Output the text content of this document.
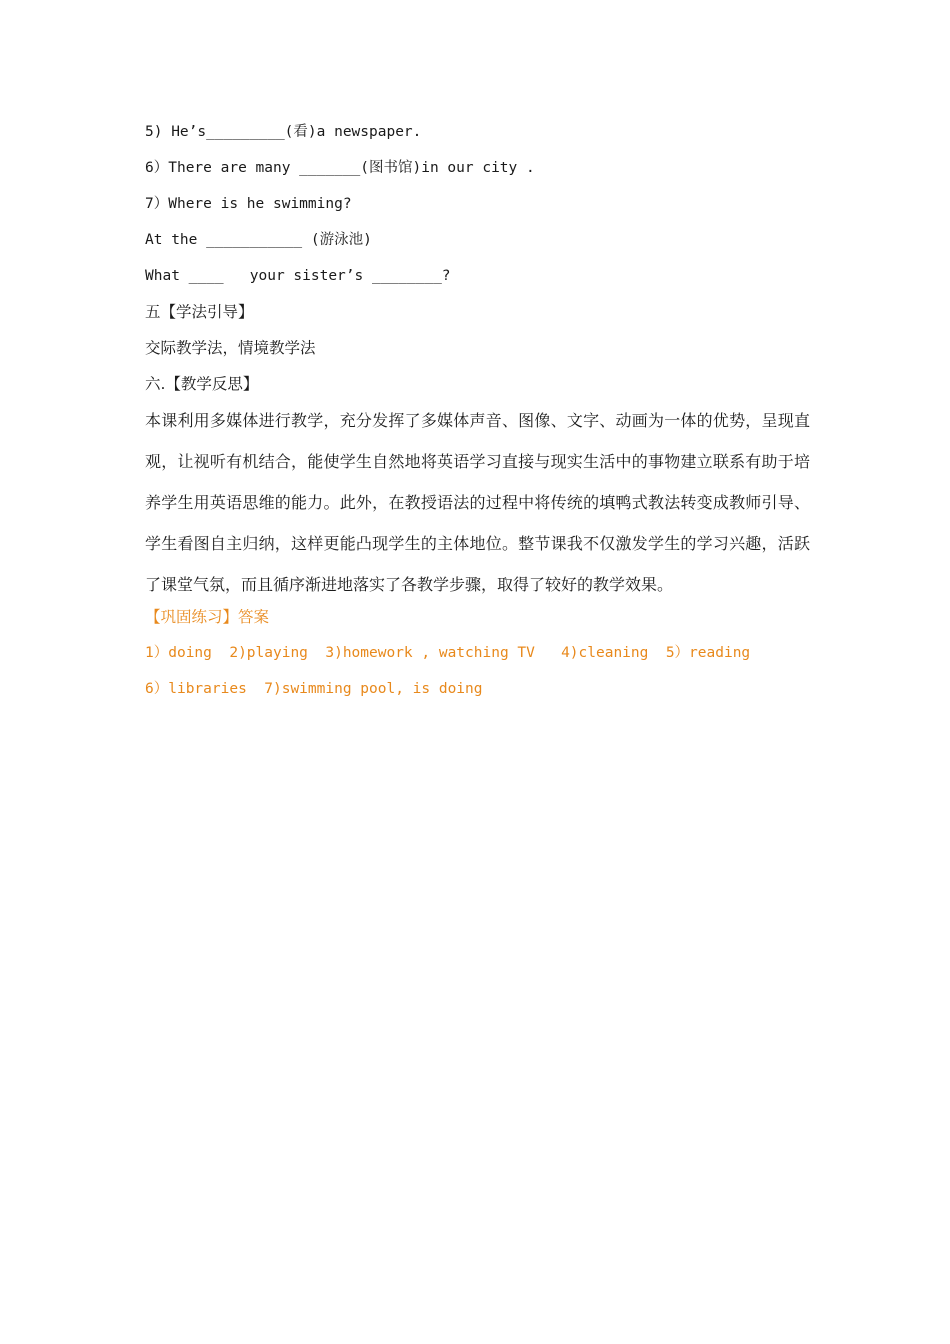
5) He’s_________(看)a newspaper.
6）There are many _______(图书馆)in our city .
7）Where is he swimming?
At the ___________ (游泳池)
What ____   your sister’s ________?
五【学法引导】
交际教学法，情境教学法
六.【教学反思】
本课利用多媒体进行教学，充分发挥了多媒体声音、图像、文字、动画为一体的优势，呈现直观，让视听有机结合，能使学生自然地将英语学习直接与现实生活中的事物建立联系有助于培养学生用英语思维的能力。此外，在教授语法的过程中将传统的填鸭式教法转变成教师引导、学生看图自主归纳，这样更能凸现学生的主体地位。整节课我不仅激发学生的学习兴趣，活跃了课堂气氛，而且循序渐进地落实了各教学步骤，取得了较好的教学效果。
【巩固练习】答案
1）doing  2)playing  3)homework , watching TV   4)cleaning  5）reading
6）libraries  7)swimming pool, is doing
